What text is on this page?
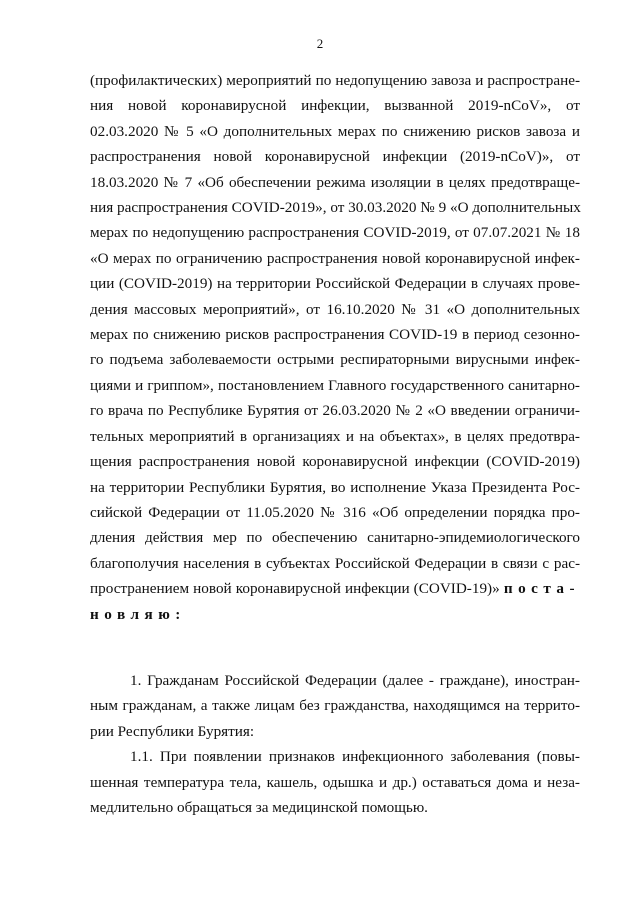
2
(профилактических) мероприятий по недопущению завоза и распростране-
ния новой коронавирусной инфекции, вызванной 2019-nCoV», от
02.03.2020 № 5 «О дополнительных мерах по снижению рисков завоза и
распространения новой коронавирусной инфекции (2019-nCoV)», от
18.03.2020 № 7 «Об обеспечении режима изоляции в целях предотвраще-
ния распространения COVID-2019», от 30.03.2020 № 9 «О дополнительных
мерах по недопущению распространения COVID-2019, от 07.07.2021 № 18
«О мерах по ограничению распространения новой коронавирусной инфек-
ции (COVID-2019) на территории Российской Федерации в случаях прове-
дения массовых мероприятий», от 16.10.2020 № 31 «О дополнительных
мерах по снижению рисков распространения COVID-19 в период сезонно-
го подъема заболеваемости острыми респираторными вирусными инфек-
циями и гриппом», постановлением Главного государственного санитарно-
го врача по Республике Бурятия от 26.03.2020 № 2 «О введении ограничи-
тельных мероприятий в организациях и на объектах», в целях предотвра-
щения распространения новой коронавирусной инфекции (COVID-2019)
на территории Республики Бурятия, во исполнение Указа Президента Рос-
сийской Федерации от 11.05.2020 № 316 «Об определении порядка про-
дления действия мер по обеспечению санитарно-эпидемиологического
благополучия населения в субъектах Российской Федерации в связи с рас-
пространением новой коронавирусной инфекции (COVID-19)» постa-
новляю:
1. Гражданам Российской Федерации (далее - граждане), иностран-
ным гражданам, а также лицам без гражданства, находящимся на террито-
рии Республики Бурятия:
1.1. При появлении признаков инфекционного заболевания (повы-
шенная температура тела, кашель, одышка и др.) оставаться дома и неза-
медлительно обращаться за медицинской помощью.
